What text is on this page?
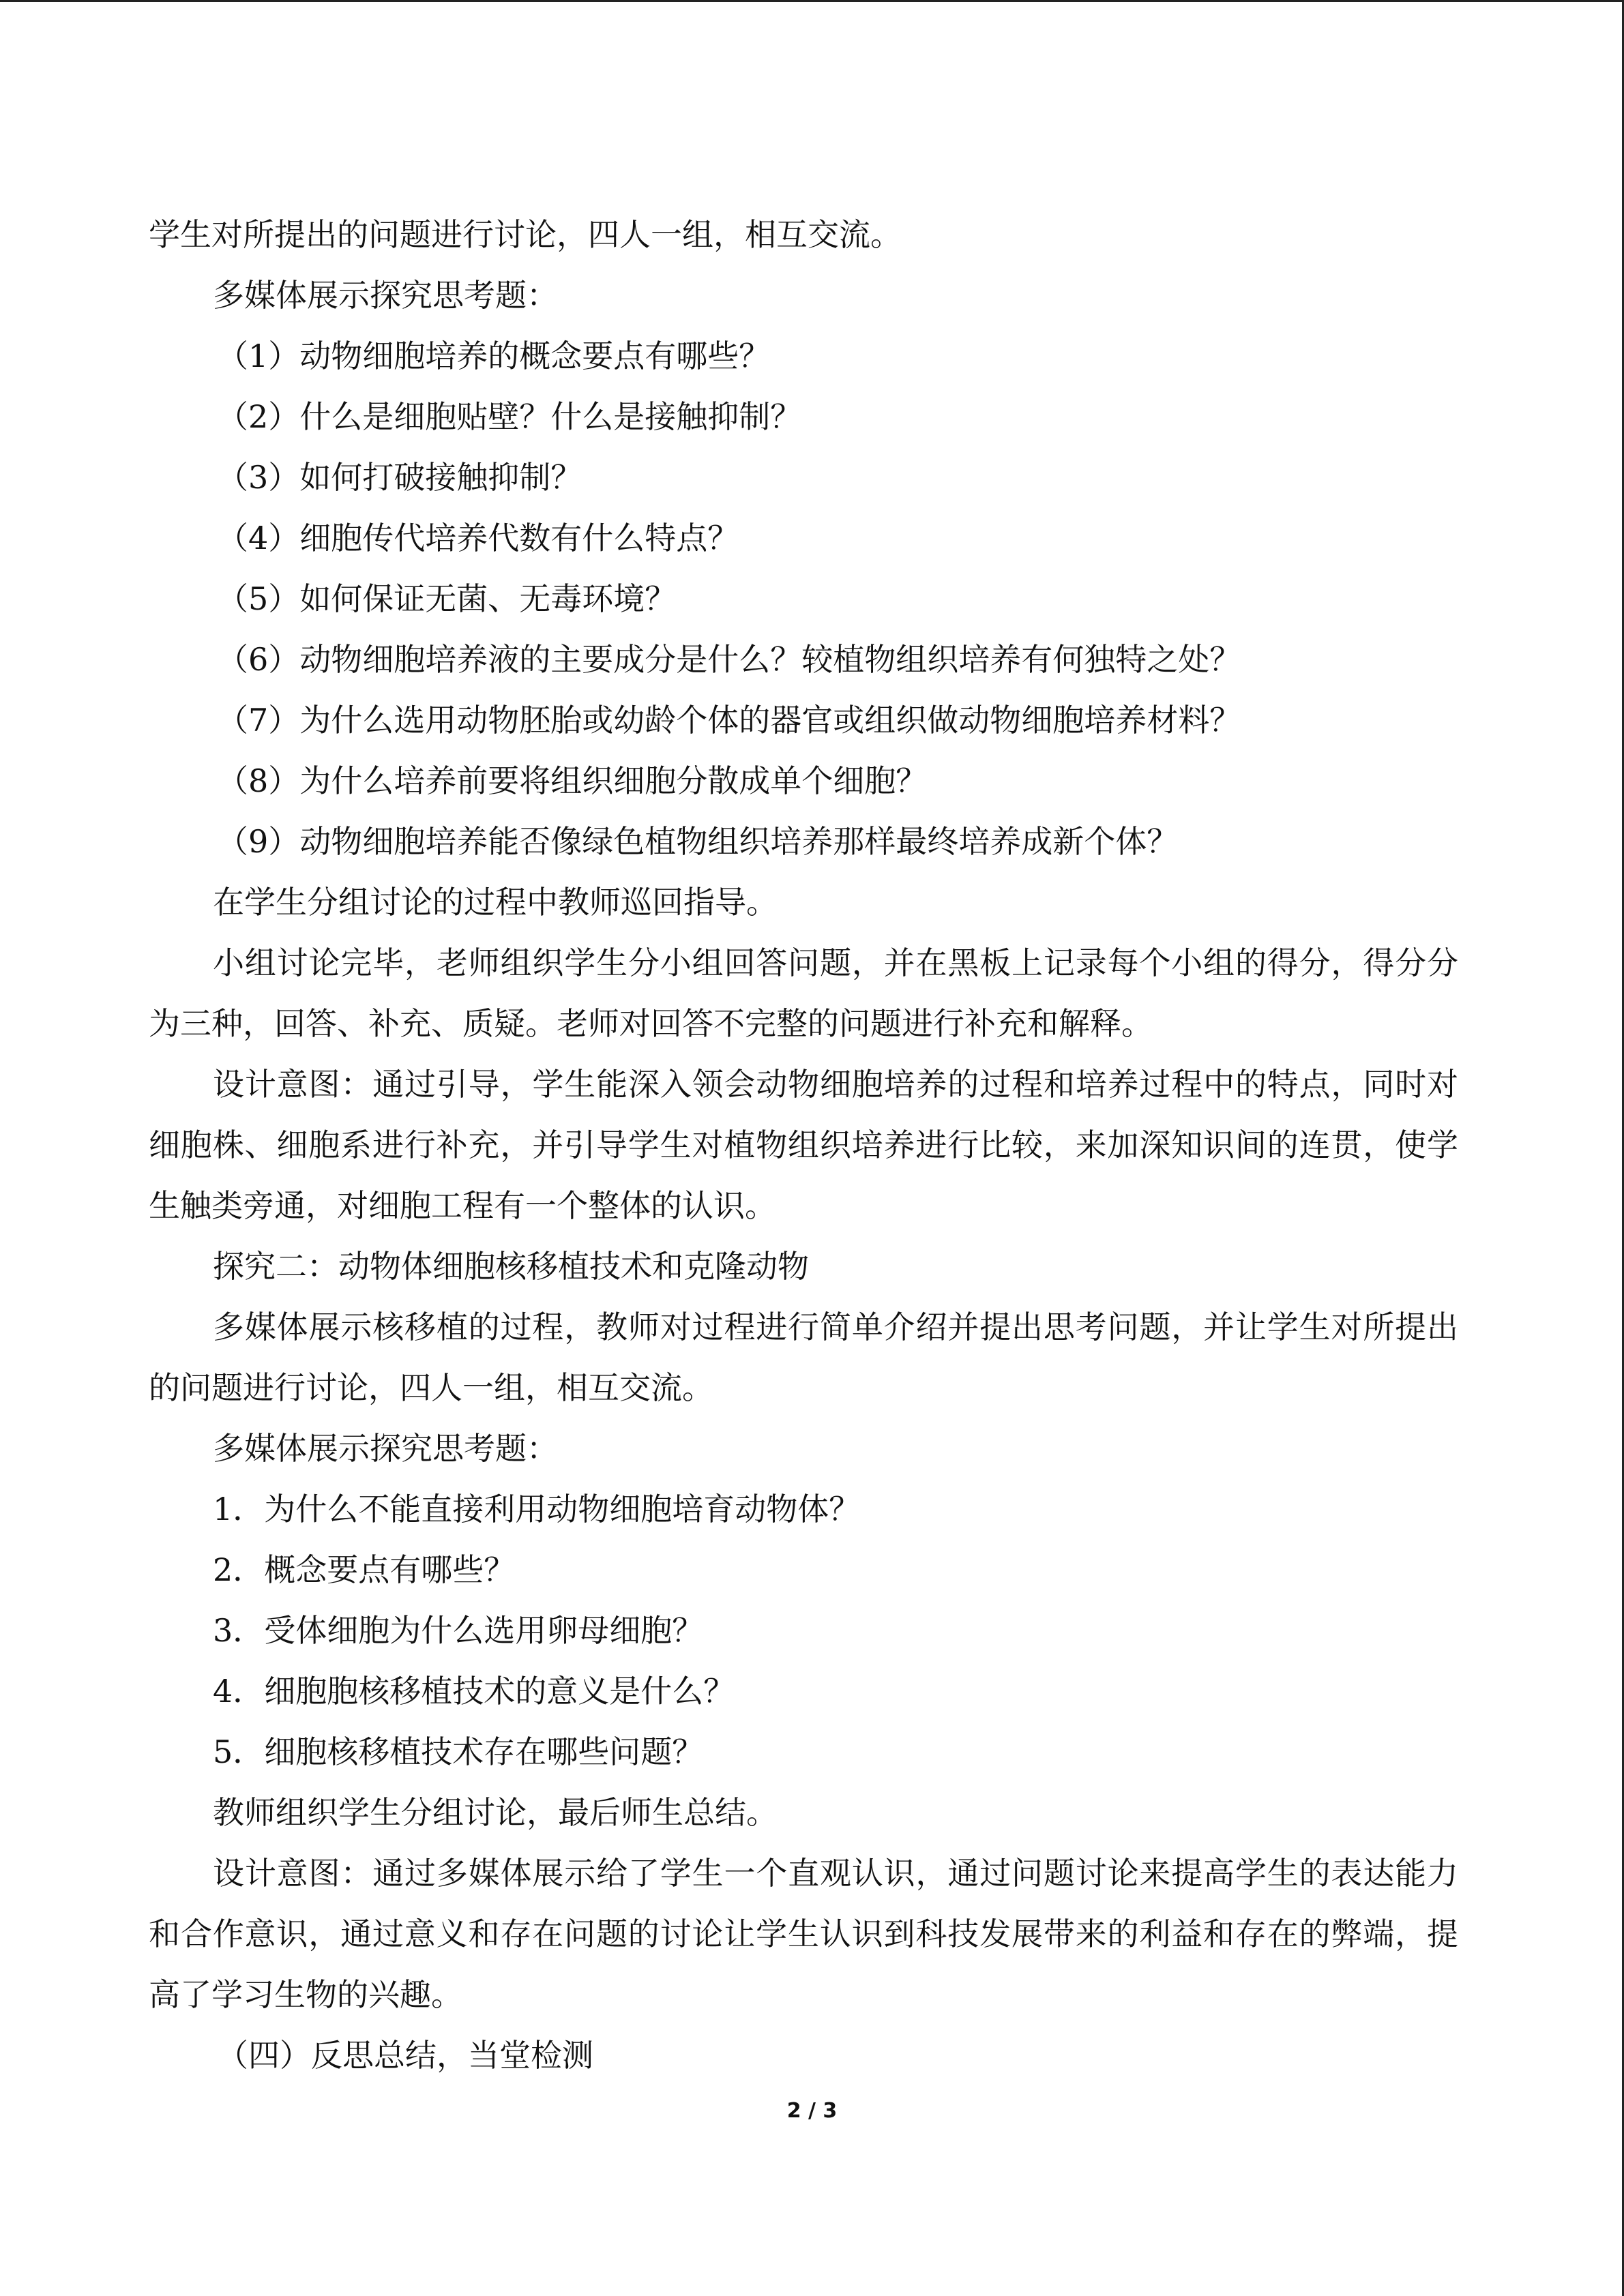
学生对所提出的问题进行讨论，四人一组，相互交流。

多媒体展示探究思考题：

（1）动物细胞培养的概念要点有哪些？

（2）什么是细胞贴壁？什么是接触抑制？

（3）如何打破接触抑制？

（4）细胞传代培养代数有什么特点？

（5）如何保证无菌、无毒环境？

（6）动物细胞培养液的主要成分是什么？较植物组织培养有何独特之处？

（7）为什么选用动物胚胎或幼龄个体的器官或组织做动物细胞培养材料？

（8）为什么培养前要将组织细胞分散成单个细胞？

（9）动物细胞培养能否像绿色植物组织培养那样最终培养成新个体？

在学生分组讨论的过程中教师巡回指导。

小组讨论完毕，老师组织学生分小组回答问题，并在黑板上记录每个小组的得分，得分分为三种，回答、补充、质疑。老师对回答不完整的问题进行补充和解释。

设计意图：通过引导，学生能深入领会动物细胞培养的过程和培养过程中的特点，同时对细胞株、细胞系进行补充，并引导学生对植物组织培养进行比较，来加深知识间的连贯，使学生触类旁通，对细胞工程有一个整体的认识。

探究二：动物体细胞核移植技术和克隆动物

多媒体展示核移植的过程，教师对过程进行简单介绍并提出思考问题，并让学生对所提出的问题进行讨论，四人一组，相互交流。

多媒体展示探究思考题：

1．为什么不能直接利用动物细胞培育动物体？

2．概念要点有哪些？

3．受体细胞为什么选用卵母细胞？

4．细胞胞核移植技术的意义是什么？

5．细胞核移植技术存在哪些问题？

教师组织学生分组讨论，最后师生总结。

设计意图：通过多媒体展示给了学生一个直观认识，通过问题讨论来提高学生的表达能力和合作意识，通过意义和存在问题的讨论让学生认识到科技发展带来的利益和存在的弊端，提高了学习生物的兴趣。

（四）反思总结，当堂检测

2 / 3
